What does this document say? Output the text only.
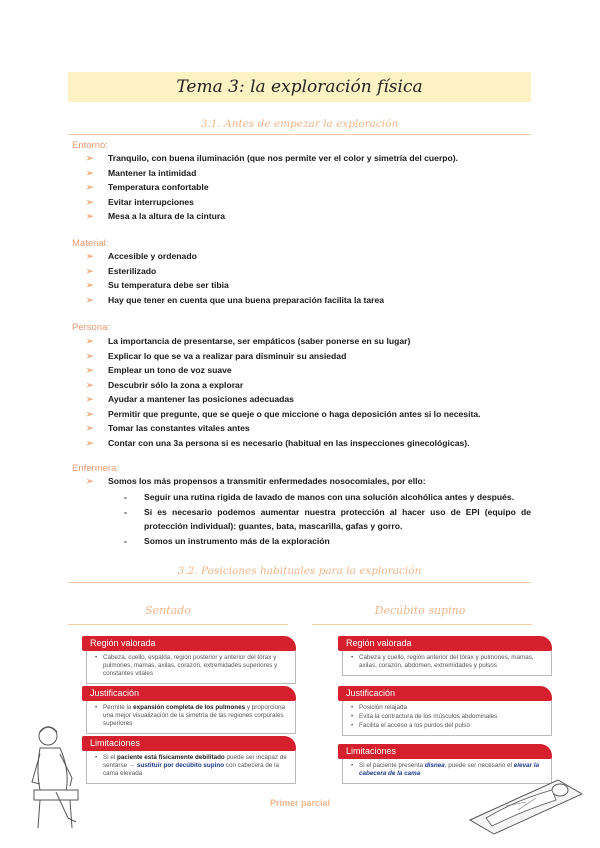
Tema 3: la exploración física
3.1. Antes de empezar la exploración
Entorno:
➢ Tranquilo, con buena iluminación (que nos permite ver el color y simetría del cuerpo).
➢ Mantener la intimidad
➢ Temperatura confortable
➢ Evitar interrupciones
➢ Mesa a la altura de la cintura
Material:
➢ Accesible y ordenado
➢ Esterilizado
➢ Su temperatura debe ser tibia
➢ Hay que tener en cuenta que una buena preparación facilita la tarea
Persona:
➢ La importancia de presentarse, ser empáticos (saber ponerse en su lugar)
➢ Explicar lo que se va a realizar para disminuir su ansiedad
➢ Emplear un tono de voz suave
➢ Descubrir sólo la zona a explorar
➢ Ayudar a mantener las posiciones adecuadas
➢ Permitir que pregunte, que se queje o que miccione o haga deposición antes si lo necesita.
➢ Tomar las constantes vitales antes
➢ Contar con una 3a persona si es necesario (habitual en las inspecciones ginecológicas).
Enfermera:
➢ Somos los más propensos a transmitir enfermedades nosocomiales, por ello:
- Seguir una rutina rígida de lavado de manos con una solución alcohólica antes y después.
- Si es necesario podemos aumentar nuestra protección al hacer uso de EPI (equipo de protección individual): guantes, bata, mascarilla, gafas y gorro.
- Somos un instrumento más de la exploración
3.2. Posiciones habituales para la exploración
Sentado	Decúbito supino
Región valorada

• Cabeza, cuello, espalda, región posterior y anterior del tórax y pulmones, mamas, axilas, corazón, extremidades superiores y constantes vitales

Justificación

• Permite la expansión completa de los pulmones y proporciona una mejor visualización de la simetría de las regiones corporales superiores

Limitaciones

• Si el paciente está físicamente debilitado puede ser incapaz de sentarse → sustituir por decúbito supino con cabecera de la cama elevada

Región valorada

• Cabeza y cuello, región anterior del tórax y pulmones, mamas, axilas, corazón, abdomen, extremidades y pulsos

Justificación

• Posición relajada

• Evita la contractura de los músculos abdominales

• Facilita el acceso a los puntos del pulso

Limitaciones

• Si el paciente presenta disnea, puede ser necesario el elevar la cabecera de la cama

Primer parcial
